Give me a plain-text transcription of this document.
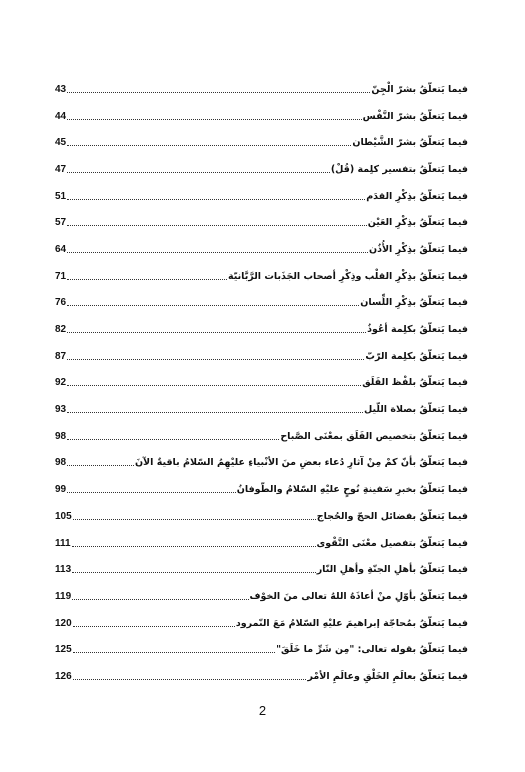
43	فيما يَتعلّقُ بشرّ الْجِنّ
44	فيما يَتعلّقُ بشرّ النَّفْس
45	فيما يَتعلّقُ بشرّ الشَّيْطان
47	فيما يَتعلّقُ بتفسير كلِمة (قُلْ)
51	فيما يَتعلّقُ بذِكْرِ القدَم
57	فيما يَتعلّقُ بذِكْرِ العَيْن
64	فيما يَتعلّقُ بذِكْرِ الأُذُن
71	فيما يَتعلّقُ بذِكْرِ القلْب وذِكْرِ أصحاب الجَذَبات الرَّبَّانيّة
76	فيما يَتعلّقُ بذِكْرِ اللِّسان
82	فيما يَتعلّقُ بكلِمة أعُوذُ
87	فيما يَتعلّقُ بكلِمة الرّبّ
92	فيما يَتعلّقُ بلفْظ الفَلَق
93	فيما يَتعلّقُ بصلاة اللّيل
98	فيما يَتعلّقُ بتخصيص الفَلَق بمعْنَى الصَّباح
98	فيما يَتعلّقُ بأنّ كمْ مِنْ آثارِ دُعاء بعضِ منَ الأنْبياءِ عليْهِمُ السّلامُ باقيةٌ الآنَ
99	فيما يَتعلّقُ بخبرِ سَفينةِ نُوحٍ عليْهِ السّلامُ والطّوفانُ
105	فيما يَتعلّقُ بفضائل الحجّ والحُجاج
111	فيما يَتعلّقُ بتفصيل معْنَى التَّقْوى
113	فيما يَتعلّقُ بأهلِ الجنّةِ وأهلِ النّار
119	فيما يَتعلّقُ بأوّلِ منْ أعاذَهُ اللهُ تعالى منَ الخوْف
120	فيما يَتعلّقُ بمُحاجّة إبراهيمَ عليْهِ السّلامُ مَعَ النّمرود
125	فيما يَتعلّقُ بقوله تعالى: "مِن شَرِّ ما خَلَقَ"
126	فيما يَتعلّقُ بعالَمِ الخَلْقِ وعالَمِ الأمْر
2
